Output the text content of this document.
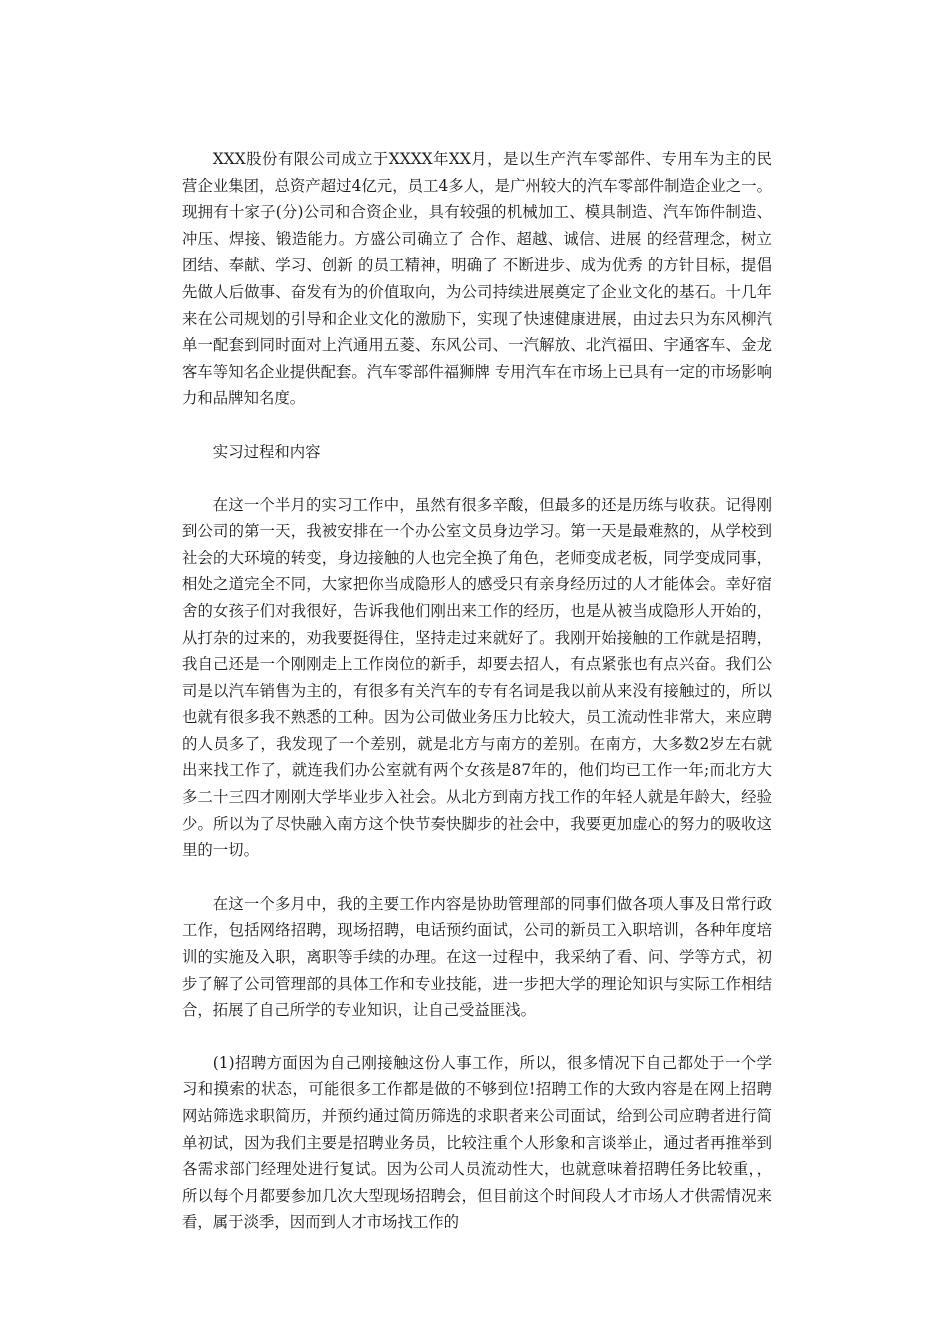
XXX股份有限公司成立于XXXX年XX月，是以生产汽车零部件、专用车为主的民营企业集团，总资产超过4亿元，员工4多人，是广州较大的汽车零部件制造企业之一。现拥有十家子(分)公司和合资企业，具有较强的机械加工、模具制造、汽车饰件制造、冲压、焊接、锻造能力。方盛公司确立了 合作、超越、诚信、进展 的经营理念，树立 团结、奉献、学习、创新 的员工精神，明确了 不断进步、成为优秀 的方针目标，提倡先做人后做事、奋发有为的价值取向，为公司持续进展奠定了企业文化的基石。十几年来在公司规划的引导和企业文化的激励下，实现了快速健康进展，由过去只为东风柳汽单一配套到同时面对上汽通用五菱、东风公司、一汽解放、北汽福田、宇通客车、金龙客车等知名企业提供配套。汽车零部件福狮牌 专用汽车在市场上已具有一定的市场影响力和品牌知名度。

实习过程和内容

在这一个半月的实习工作中，虽然有很多辛酸，但最多的还是历练与收获。记得刚到公司的第一天，我被安排在一个办公室文员身边学习。第一天是最难熬的，从学校到社会的大环境的转变，身边接触的人也完全换了角色，老师变成老板，同学变成同事，相处之道完全不同，大家把你当成隐形人的感受只有亲身经历过的人才能体会。幸好宿舍的女孩子们对我很好，告诉我他们刚出来工作的经历，也是从被当成隐形人开始的，从打杂的过来的，劝我要挺得住，坚持走过来就好了。我刚开始接触的工作就是招聘，我自己还是一个刚刚走上工作岗位的新手，却要去招人，有点紧张也有点兴奋。我们公司是以汽车销售为主的，有很多有关汽车的专有名词是我以前从来没有接触过的，所以也就有很多我不熟悉的工种。因为公司做业务压力比较大，员工流动性非常大，来应聘的人员多了，我发现了一个差别，就是北方与南方的差别。在南方，大多数2岁左右就出来找工作了，就连我们办公室就有两个女孩是87年的，他们均已工作一年;而北方大多二十三四才刚刚大学毕业步入社会。从北方到南方找工作的年轻人就是年龄大，经验少。所以为了尽快融入南方这个快节奏快脚步的社会中，我要更加虚心的努力的吸收这里的一切。

在这一个多月中，我的主要工作内容是协助管理部的同事们做各项人事及日常行政工作，包括网络招聘，现场招聘，电话预约面试，公司的新员工入职培训，各种年度培训的实施及入职，离职等手续的办理。在这一过程中，我采纳了看、问、学等方式，初步了解了公司管理部的具体工作和专业技能，进一步把大学的理论知识与实际工作相结合，拓展了自己所学的专业知识，让自己受益匪浅。

(1)招聘方面因为自己刚接触这份人事工作，所以，很多情况下自己都处于一个学习和摸索的状态，可能很多工作都是做的不够到位!招聘工作的大致内容是在网上招聘网站筛选求职简历，并预约通过简历筛选的求职者来公司面试，给到公司应聘者进行简单初试，因为我们主要是招聘业务员，比较注重个人形象和言谈举止，通过者再推举到各需求部门经理处进行复试。因为公司人员流动性大，也就意味着招聘任务比较重，，所以每个月都要参加几次大型现场招聘会，但目前这个时间段人才市场人才供需情况来看，属于淡季，因而到人才市场找工作的
